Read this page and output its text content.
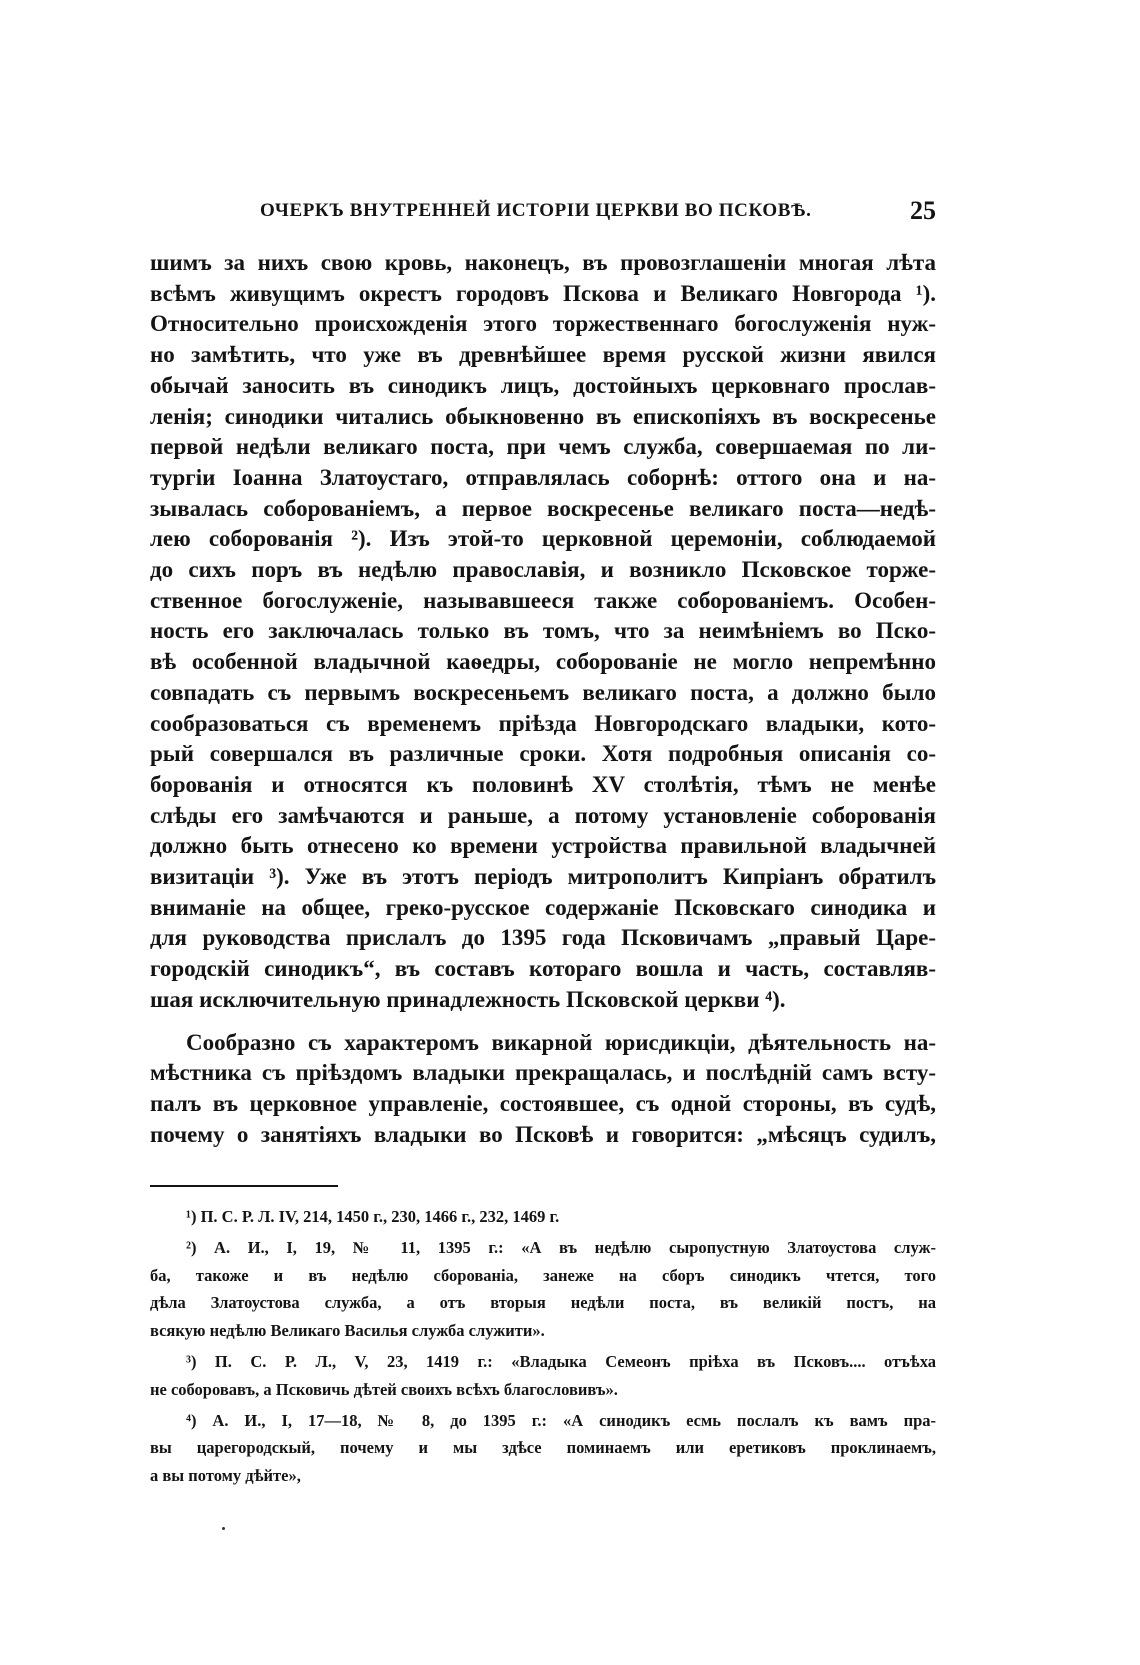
ОЧЕРКЪ ВНУТРЕННЕЙ ИСТОРІИ ЦЕРКВИ ВО ПСКОВѢ.	25
шимъ за нихъ свою кровь, наконецъ, въ провозглашеніи многая лѣта
всѣмъ живущимъ окрестъ городовъ Пскова и Великаго Новгорода ¹).
Относительно происхожденія этого торжественнаго богослуженія нуж-
но замѣтить, что уже въ древнѣйшее время русской жизни явился
обычай заносить въ синодикъ лицъ, достойныхъ церковнаго прослав-
ленія; синодики читались обыкновенно въ епископіяхъ въ воскресенье
первой недѣли великаго поста, при чемъ служба, совершаемая по ли-
тургіи Іоанна Златоустаго, отправлялась соборнѣ: оттого она и на-
зывалась соборованіемъ, а первое воскресенье великаго поста—недѣ-
лею соборованія ²). Изъ этой-то церковной церемоніи, соблюдаемой
до сихъ поръ въ недѣлю православія, и возникло Псковское торже-
ственное богослуженіе, называвшееся также соборованіемъ. Особен-
ность его заключалась только въ томъ, что за неимѣніемъ во Пско-
вѣ особенной владычной каѳедры, соборованіе не могло непремѣнно
совпадать съ первымъ воскресеньемъ великаго поста, а должно было
сообразоваться съ временемъ пріѣзда Новгородскаго владыки, кото-
рый совершался въ различные сроки. Хотя подробныя описанія со-
борованія и относятся къ половинѣ XV столѣтія, тѣмъ не менѣе
слѣды его замѣчаются и раньше, а потому установленіе соборованія
должно быть отнесено ко времени устройства правильной владычней
визитаціи ³). Уже въ этотъ періодъ митрополитъ Кипріанъ обратилъ
вниманіе на общее, греко-русское содержаніе Псковскаго синодика и
для руководства прислалъ до 1395 года Псковичамъ „правый Царе-
городскій синодикъ“, въ составъ котораго вошла и часть, составляв-
шая исключительную принадлежность Псковской церкви ⁴).
Сообразно съ характеромъ викарной юрисдикціи, дѣятельность на-
мѣстника съ пріѣздомъ владыки прекращалась, и послѣдній самъ всту-
палъ въ церковное управленіе, состоявшее, съ одной стороны, въ судѣ,
почему о занятіяхъ владыки во Псковѣ и говорится: „мѣсяцъ судилъ,
¹) П. С. Р. Л. IV, 214, 1450 г., 230, 1466 г., 232, 1469 г.
²) А. И., I, 19, № 11, 1395 г.: «А въ недѣлю сыропустную Златоустова служ-
ба, такоже и въ недѣлю сборованіа, занеже на сборъ синодикъ чтется, того
дѣла Златоустова служба, а отъ вторыя недѣли поста, въ великій постъ, на
всякую недѣлю Великаго Василья служба служити».
³) П. С. Р. Л., V, 23, 1419 г.: «Владыка Семеонъ пріѣха въ Псковъ.... отъѣха
не соборовавъ, а Псковичь дѣтей своихъ всѣхъ благословивъ».
⁴) А. И., I, 17—18, № 8, до 1395 г.: «А синодикъ есмь послалъ къ вамъ пра-
вы царегородскый, почему и мы здѣсе поминаемъ или еретиковъ проклинаемъ,
а вы потому дѣйте»,
